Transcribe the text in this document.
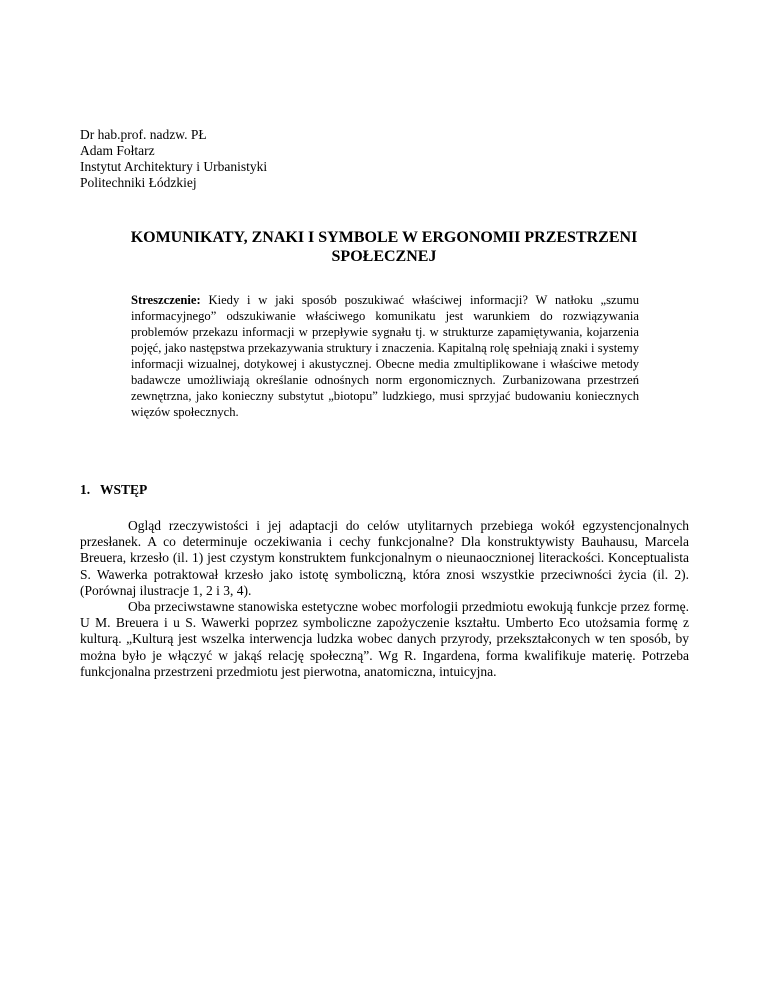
Dr hab.prof. nadzw. PŁ
Adam Fołtarz
Instytut Architektury i Urbanistyki
Politechniki Łódzkiej
KOMUNIKATY, ZNAKI I SYMBOLE W ERGONOMII PRZESTRZENI
SPOŁECZNEJ

Streszczenie: Kiedy i w jaki sposób poszukiwać właściwej informacji? W natłoku „szumu informacyjnego” odszukiwanie właściwego komunikatu jest warunkiem do rozwiązywania problemów przekazu informacji w przepływie sygnału tj. w strukturze zapamiętywania, kojarzenia pojęć, jako następstwa przekazywania struktury i znaczenia. Kapitalną rolę spełniają znaki i systemy informacji wizualnej, dotykowej i akustycznej. Obecne media zmultiplikowane i właściwe metody badawcze umożliwiają określanie odnośnych norm ergonomicznych. Zurbanizowana przestrzeń zewnętrzna, jako konieczny substytut „biotopu” ludzkiego, musi sprzyjać budowaniu koniecznych więzów społecznych.

1. WSTĘP

Ogląd rzeczywistości i jej adaptacji do celów utylitarnych przebiega wokół egzystencjonalnych przesłanek. A co determinuje oczekiwania i cechy funkcjonalne? Dla konstruktywisty Bauhausu, Marcela Breuera, krzesło (il. 1) jest czystym konstruktem funkcjonalnym o nieunaocznionej literackości. Konceptualista S. Wawerka potraktował krzesło jako istotę symboliczną, która znosi wszystkie przeciwności życia (il. 2). (Porównaj ilustracje 1, 2 i 3, 4).

Oba przeciwstawne stanowiska estetyczne wobec morfologii przedmiotu ewokują funkcje przez formę. U M. Breuera i u S. Wawerki poprzez symboliczne zapożyczenie kształtu. Umberto Eco utożsamia formę z kulturą. „Kulturą jest wszelka interwencja ludzka wobec danych przyrody, przekształconych w ten sposób, by można było je włączyć w jakąś relację społeczną”. Wg R. Ingardena, forma kwalifikuje materię. Potrzeba funkcjonalna przestrzeni przedmiotu jest pierwotna, anatomiczna, intuicyjna.
